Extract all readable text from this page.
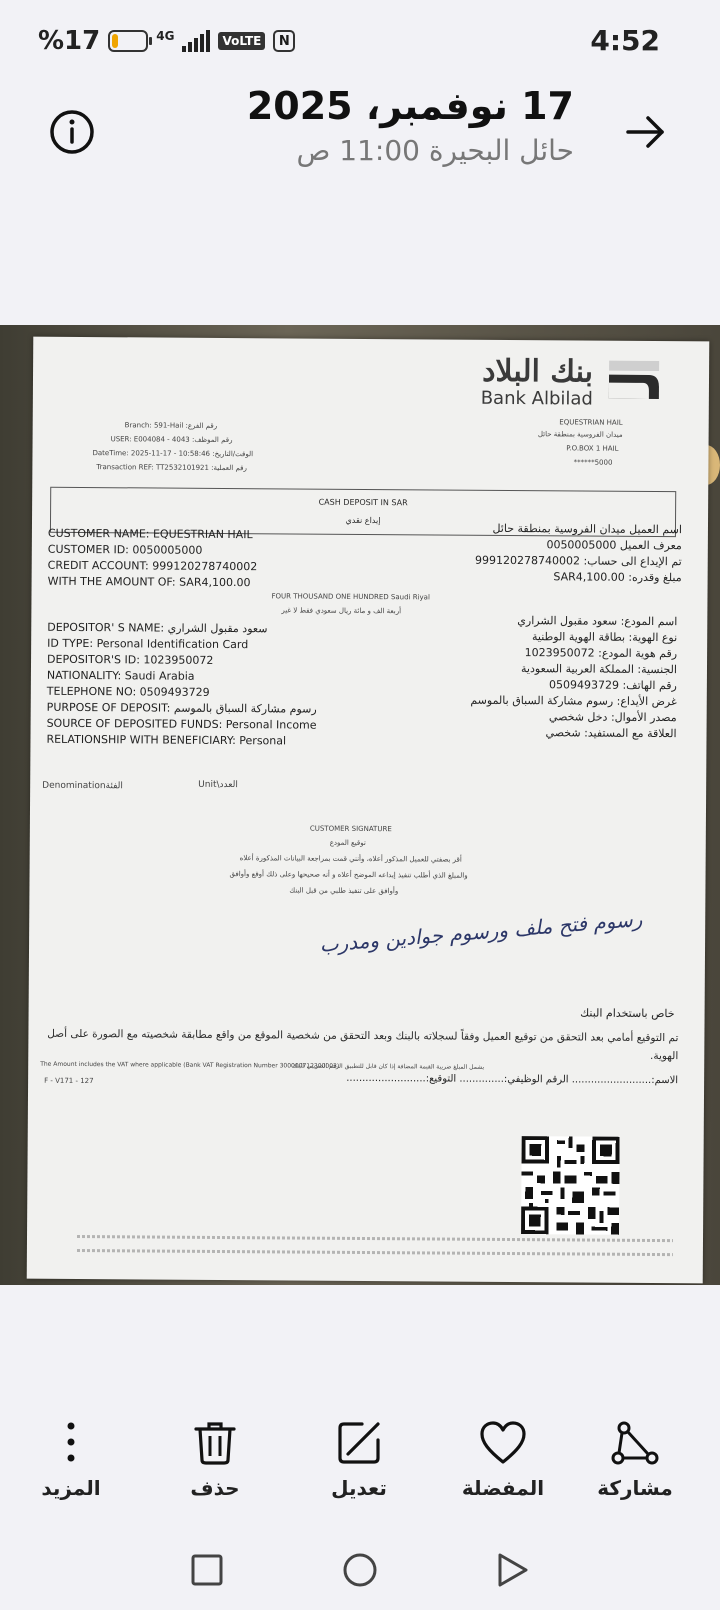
%17	4G	VoLTE	N	4:52
17 نوفمبر، 2025
حائل البحيرة 11:00 ص
بنك البلاد
Bank Albilad
EQUESTRIAN HAIL
ميدان الفروسية بمنطقة حائل
P.O.BOX 1 HAIL
******5000
Branch: 591-Hail :رقم الفرع
USER: E004084 - 4043 :رقم الموظف
DateTime: 2025-11-17 - 10:58:46 :الوقت/التاريخ
Transaction REF: TT2532101921 :رقم العملية
CASH DEPOSIT IN SAR
إيداع نقدي
CUSTOMER NAME: EQUESTRIAN HAIL
CUSTOMER ID: 0050005000
CREDIT ACCOUNT: 999120278740002
WITH THE AMOUNT OF: SAR4,100.00
اسم العميل ميدان الفروسية بمنطقة حائل
معرف العميل 0050005000
تم الإيداع الى حساب: 999120278740002
مبلغ وقدره: SAR4,100.00
FOUR THOUSAND ONE HUNDRED Saudi Riyal
أربعة الف و مائة ريال سعودي فقط لا غير
DEPOSITOR' S NAME: سعود مقبول الشراري
ID TYPE: Personal Identification Card
DEPOSITOR'S ID: 1023950072
NATIONALITY: Saudi Arabia
TELEPHONE NO: 0509493729
PURPOSE OF DEPOSIT: رسوم مشاركة السباق بالموسم
SOURCE OF DEPOSITED FUNDS: Personal Income
RELATIONSHIP WITH BENEFICIARY: Personal
اسم المودع: سعود مقبول الشراري
نوع الهوية: بطاقة الهوية الوطنية
رقم هوية المودع: 1023950072
الجنسية: المملكة العربية السعودية
رقم الهاتف: 0509493729
غرض الأيداع: رسوم مشاركة السباق بالموسم
مصدر الأموال: دخل شخصي
العلاقة مع المستفيد: شخصي
Denominationالفئة	Unit\العدد
CUSTOMER SIGNATURE
توقيع المودع
أقر بصفتي للعميل المذكور أعلاه، وأنني قمت بمراجعة البيانات المذكورة أعلاه
والمبلغ الذي أطلب تنفيذ إيداعه الموضح أعلاه و أنه صحيحها وعلى ذلك أوقع وأوافق
وأوافق على تنفيذ طلبي من قبل البنك
رسوم فتح ملف ورسوم جوادين ومدرب
خاص باستخدام البنك
تم التوقيع أمامي بعد التحقق من توقيع العميل وفقاً لسجلاته بالبنك وبعد التحقق من شخصية الموقع من واقع مطابقة شخصيته مع الصورة على أصل الهوية.
The Amount includes the VAT where applicable (Bank VAT Registration Number 300000712300003)
يشمل المبلغ ضريبة القيمة المضافة إذا كان قابل للتطبيق الرقم الضريبي للبنك
الاسم:......................... الرقم الوظيفي:.............. التوقيع:.........................
F - V171 - 127
مشاركة
المفضلة
تعديل
حذف
المزيد
